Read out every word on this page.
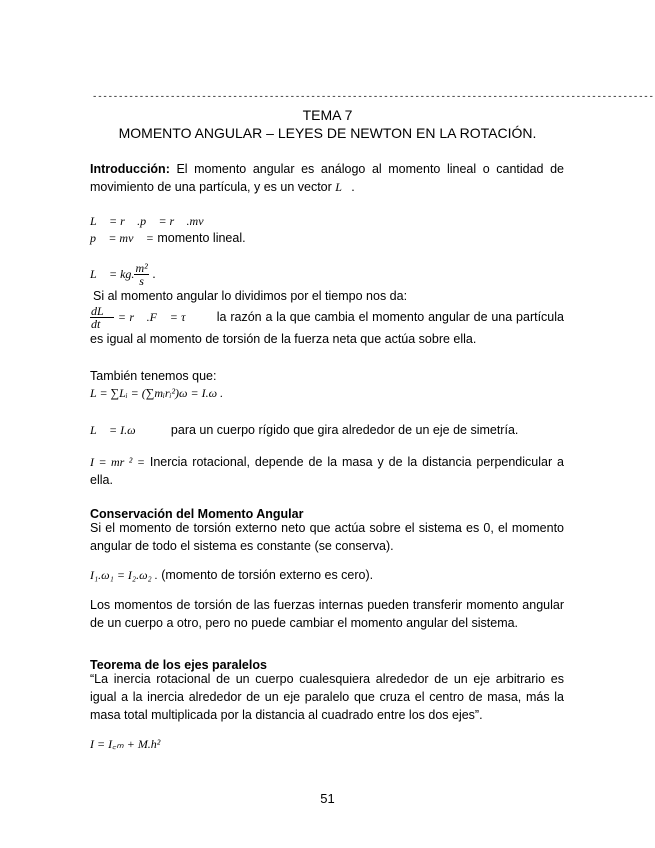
------------------------------------------------------------------------------------------------------------
TEMA 7
MOMENTO ANGULAR – LEYES DE NEWTON EN LA ROTACIÓN.
Introducción: El momento angular es análogo al momento lineal o cantidad de movimiento de una partícula, y es un vector L⃗.
L⃗ = r⃗ .p⃗ = r⃗ .mv⃗
p⃗ = mv⃗ = momento lineal.
L⃗ = kg. $\frac{\text{m²}}{s}$ .
Si al momento angular lo dividimos por el tiempo nos da:
$\frac{dL⃗}{dt}$ = r⃗ .F⃗ = τ⃗ la razón a la que cambia el momento angular de una partícula es igual al momento de torsión de la fuerza neta que actúa sobre ella.
También tenemos que:
L = ∑Lᵢ = (∑mᵢrᵢ²)ω = I.ω .
L⃗ = I.ω⃗ para un cuerpo rígido que gira alrededor de un eje de simetría.
I = mr ² = Inercia rotacional, depende de la masa y de la distancia perpendicular a ella.
Conservación del Momento Angular
Si el momento de torsión externo neto que actúa sobre el sistema es 0, el momento angular de todo el sistema es constante (se conserva).
I₁.ω₁ = I₂.ω₂ . (momento de torsión externo es cero).
Los momentos de torsión de las fuerzas internas pueden transferir momento angular de un cuerpo a otro, pero no puede cambiar el momento angular del sistema.
Teorema de los ejes paralelos
“La inercia rotacional de un cuerpo cualesquiera alrededor de un eje arbitrario es igual a la inercia alrededor de un eje paralelo que cruza el centro de masa, más la masa total multiplicada por la distancia al cuadrado entre los dos ejes”.
I = I꜀ₘ + M.h²
51
